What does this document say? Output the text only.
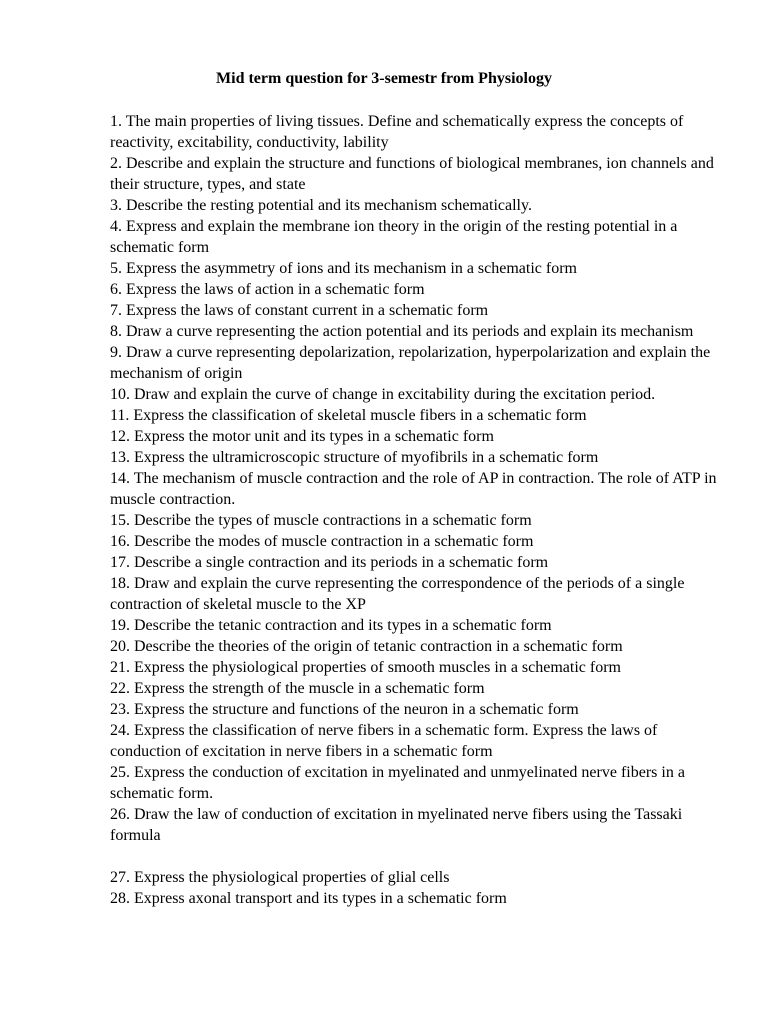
Mid term question for 3-semestr from Physiology
1. The main properties of living tissues. Define and schematically express the concepts of reactivity, excitability, conductivity, lability
2. Describe and explain the structure and functions of biological membranes, ion channels and their structure, types, and state
3. Describe the resting potential and its mechanism schematically.
4. Express and explain the membrane ion theory in the origin of the resting potential in a schematic form
5. Express the asymmetry of ions and its mechanism in a schematic form
6. Express the laws of action in a schematic form
7. Express the laws of constant current in a schematic form
8. Draw a curve representing the action potential and its periods and explain its mechanism
9. Draw a curve representing depolarization, repolarization, hyperpolarization and explain the mechanism of origin
10. Draw and explain the curve of change in excitability during the excitation period.
11. Express the classification of skeletal muscle fibers in a schematic form
12. Express the motor unit and its types in a schematic form
13. Express the ultramicroscopic structure of myofibrils in a schematic form
14. The mechanism of muscle contraction and the role of AP in contraction. The role of ATP in muscle contraction.
15. Describe the types of muscle contractions in a schematic form
16. Describe the modes of muscle contraction in a schematic form
17. Describe a single contraction and its periods in a schematic form
18. Draw and explain the curve representing the correspondence of the periods of a single contraction of skeletal muscle to the XP
19. Describe the tetanic contraction and its types in a schematic form
20. Describe the theories of the origin of tetanic contraction in a schematic form
21. Express the physiological properties of smooth muscles in a schematic form
22. Express the strength of the muscle in a schematic form
23. Express the structure and functions of the neuron in a schematic form
24. Express the classification of nerve fibers in a schematic form. Express the laws of conduction of excitation in nerve fibers in a schematic form
25. Express the conduction of excitation in myelinated and unmyelinated nerve fibers in a schematic form.
26. Draw the law of conduction of excitation in myelinated nerve fibers using the Tassaki formula
27. Express the physiological properties of glial cells
28. Express axonal transport and its types in a schematic form
